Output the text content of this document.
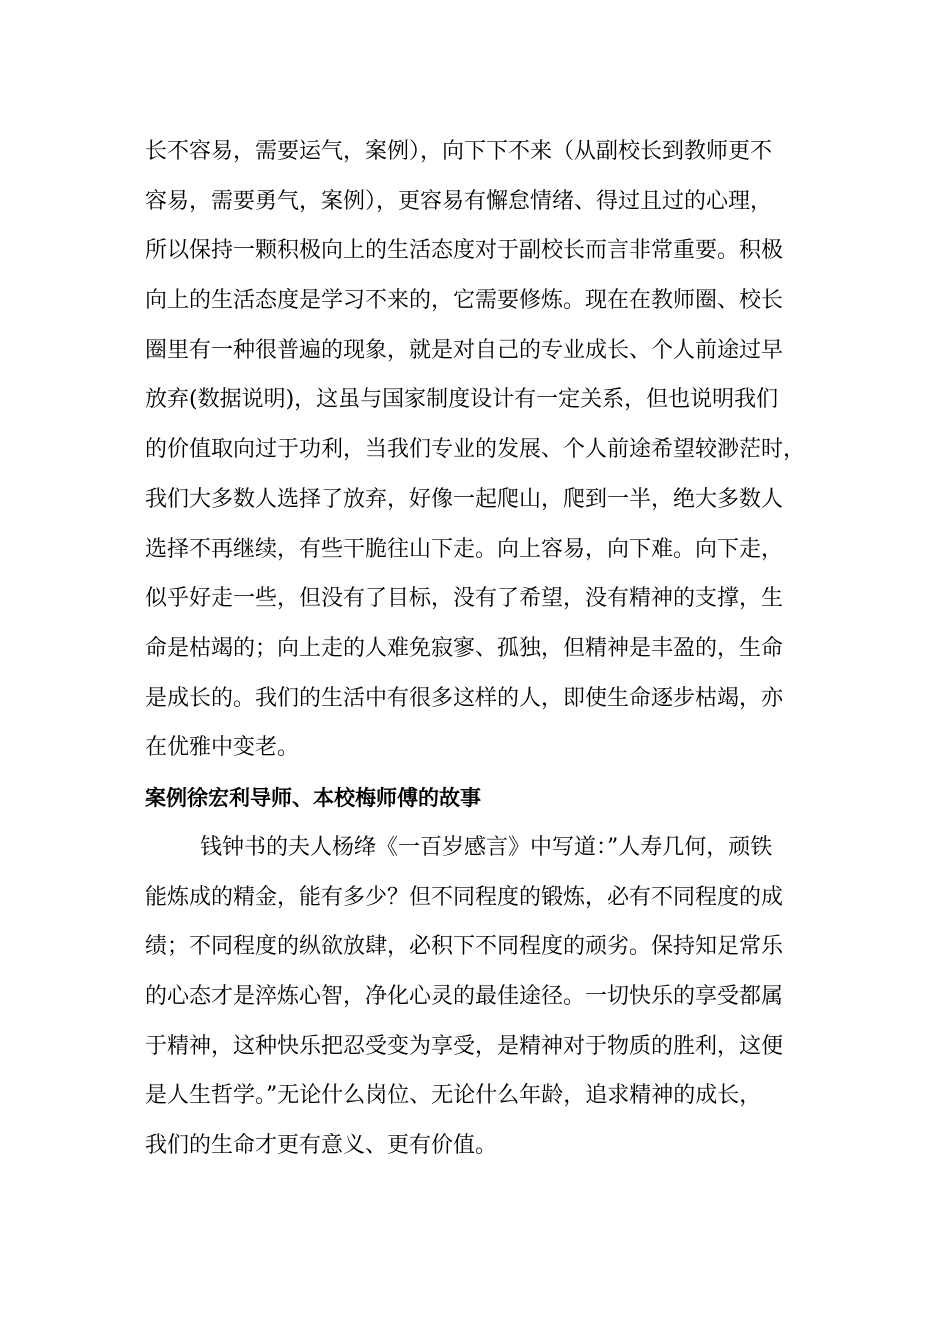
长不容易，需要运气，案例），向下下不来（从副校长到教师更不
容易，需要勇气，案例），更容易有懈怠情绪、得过且过的心理，
所以保持一颗积极向上的生活态度对于副校长而言非常重要。积极
向上的生活态度是学习不来的，它需要修炼。现在在教师圈、校长
圈里有一种很普遍的现象，就是对自己的专业成长、个人前途过早
放弃(数据说明)，这虽与国家制度设计有一定关系，但也说明我们
的价值取向过于功利，当我们专业的发展、个人前途希望较渺茫时，
我们大多数人选择了放弃，好像一起爬山，爬到一半，绝大多数人
选择不再继续，有些干脆往山下走。向上容易，向下难。向下走，
似乎好走一些，但没有了目标，没有了希望，没有精神的支撑，生
命是枯竭的；向上走的人难免寂寥、孤独，但精神是丰盈的，生命
是成长的。我们的生活中有很多这样的人，即使生命逐步枯竭，亦
在优雅中变老。
案例徐宏利导师、本校梅师傅的故事
钱钟书的夫人杨绛《一百岁感言》中写道：”人寿几何，顽铁
能炼成的精金，能有多少？但不同程度的锻炼，必有不同程度的成
绩；不同程度的纵欲放肆，必积下不同程度的顽劣。保持知足常乐
的心态才是淬炼心智，净化心灵的最佳途径。一切快乐的享受都属
于精神，这种快乐把忍受变为享受，是精神对于物质的胜利，这便
是人生哲学。”无论什么岗位、无论什么年龄，追求精神的成长，
我们的生命才更有意义、更有价值。
